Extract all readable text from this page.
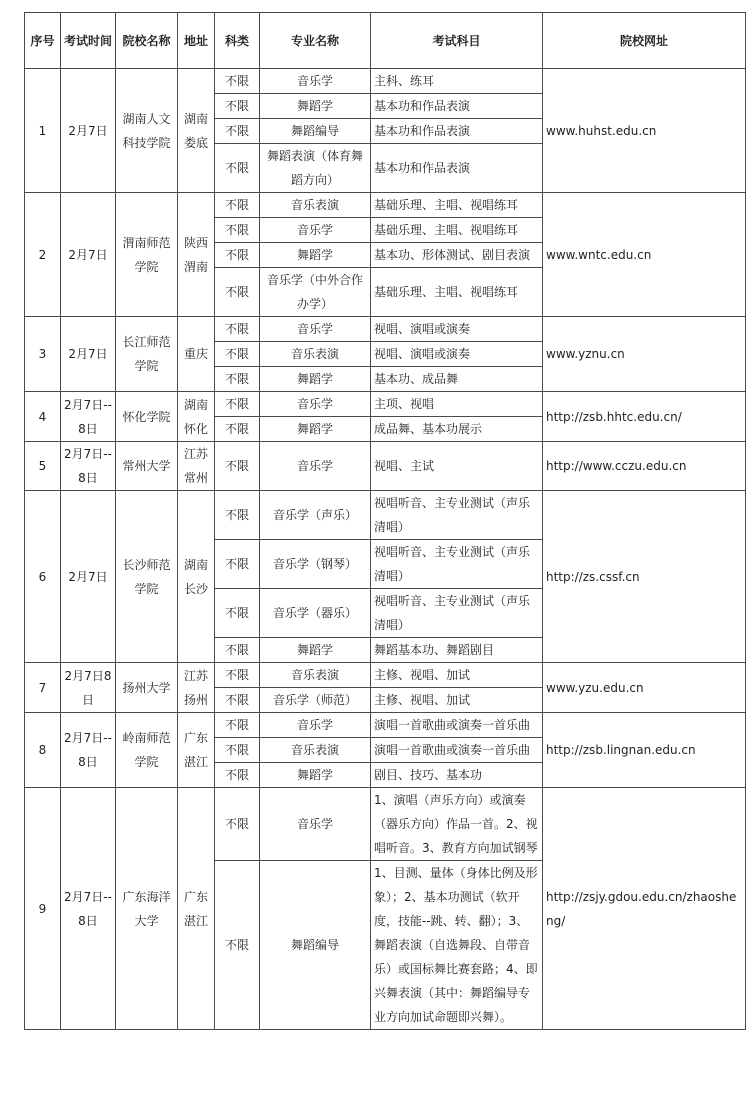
序号	考试时间	院校名称	地址	科类	专业名称	考试科目	院校网址
1	2月7日	湖南人文科技学院	湖南娄底	不限	音乐学	主科、练耳	www.huhst.edu.cn
				不限	舞蹈学	基本功和作品表演	
				不限	舞蹈编导	基本功和作品表演	
				不限	舞蹈表演（体育舞蹈方向）	基本功和作品表演	
2	2月7日	渭南师范学院	陕西渭南	不限	音乐表演	基础乐理、主唱、视唱练耳	www.wntc.edu.cn
				不限	音乐学	基础乐理、主唱、视唱练耳	
				不限	舞蹈学	基本功、形体测试、剧目表演	
				不限	音乐学（中外合作办学）	基础乐理、主唱、视唱练耳	
3	2月7日	长江师范学院	重庆	不限	音乐学	视唱、演唱或演奏	www.yznu.cn
				不限	音乐表演	视唱、演唱或演奏	
				不限	舞蹈学	基本功、成品舞	
4	2月7日--8日	怀化学院	湖南怀化	不限	音乐学	主项、视唱	http://zsb.hhtc.edu.cn/
				不限	舞蹈学	成品舞、基本功展示	
5	2月7日--8日	常州大学	江苏常州	不限	音乐学	视唱、主试	http://www.cczu.edu.cn
6	2月7日	长沙师范学院	湖南长沙	不限	音乐学（声乐）	视唱听音、主专业测试（声乐清唱）	http://zs.cssf.cn
				不限	音乐学（钢琴）	视唱听音、主专业测试（声乐清唱）	
				不限	音乐学（器乐）	视唱听音、主专业测试（声乐清唱）	
				不限	舞蹈学	舞蹈基本功、舞蹈剧目	
7	2月7日8日	扬州大学	江苏扬州	不限	音乐表演	主修、视唱、加试	www.yzu.edu.cn
				不限	音乐学（师范）	主修、视唱、加试	
8	2月7日--8日	岭南师范学院	广东湛江	不限	音乐学	演唱一首歌曲或演奏一首乐曲	http://zsb.lingnan.edu.cn
				不限	音乐表演	演唱一首歌曲或演奏一首乐曲	
				不限	舞蹈学	剧目、技巧、基本功	
9	2月7日--8日	广东海洋大学	广东湛江	不限	音乐学	1、演唱（声乐方向）或演奏（器乐方向）作品一首。2、视唱听音。3、教育方向加试钢琴	http://zsjy.gdou.edu.cn/zhaosheng/
				不限	舞蹈编导	1、目测、量体（身体比例及形象）；2、基本功测试（软开度，技能--跳、转、翻）；3、舞蹈表演（自选舞段、自带音乐）或国标舞比赛套路；4、即兴舞表演（其中：舞蹈编导专业方向加试命题即兴舞）。	
